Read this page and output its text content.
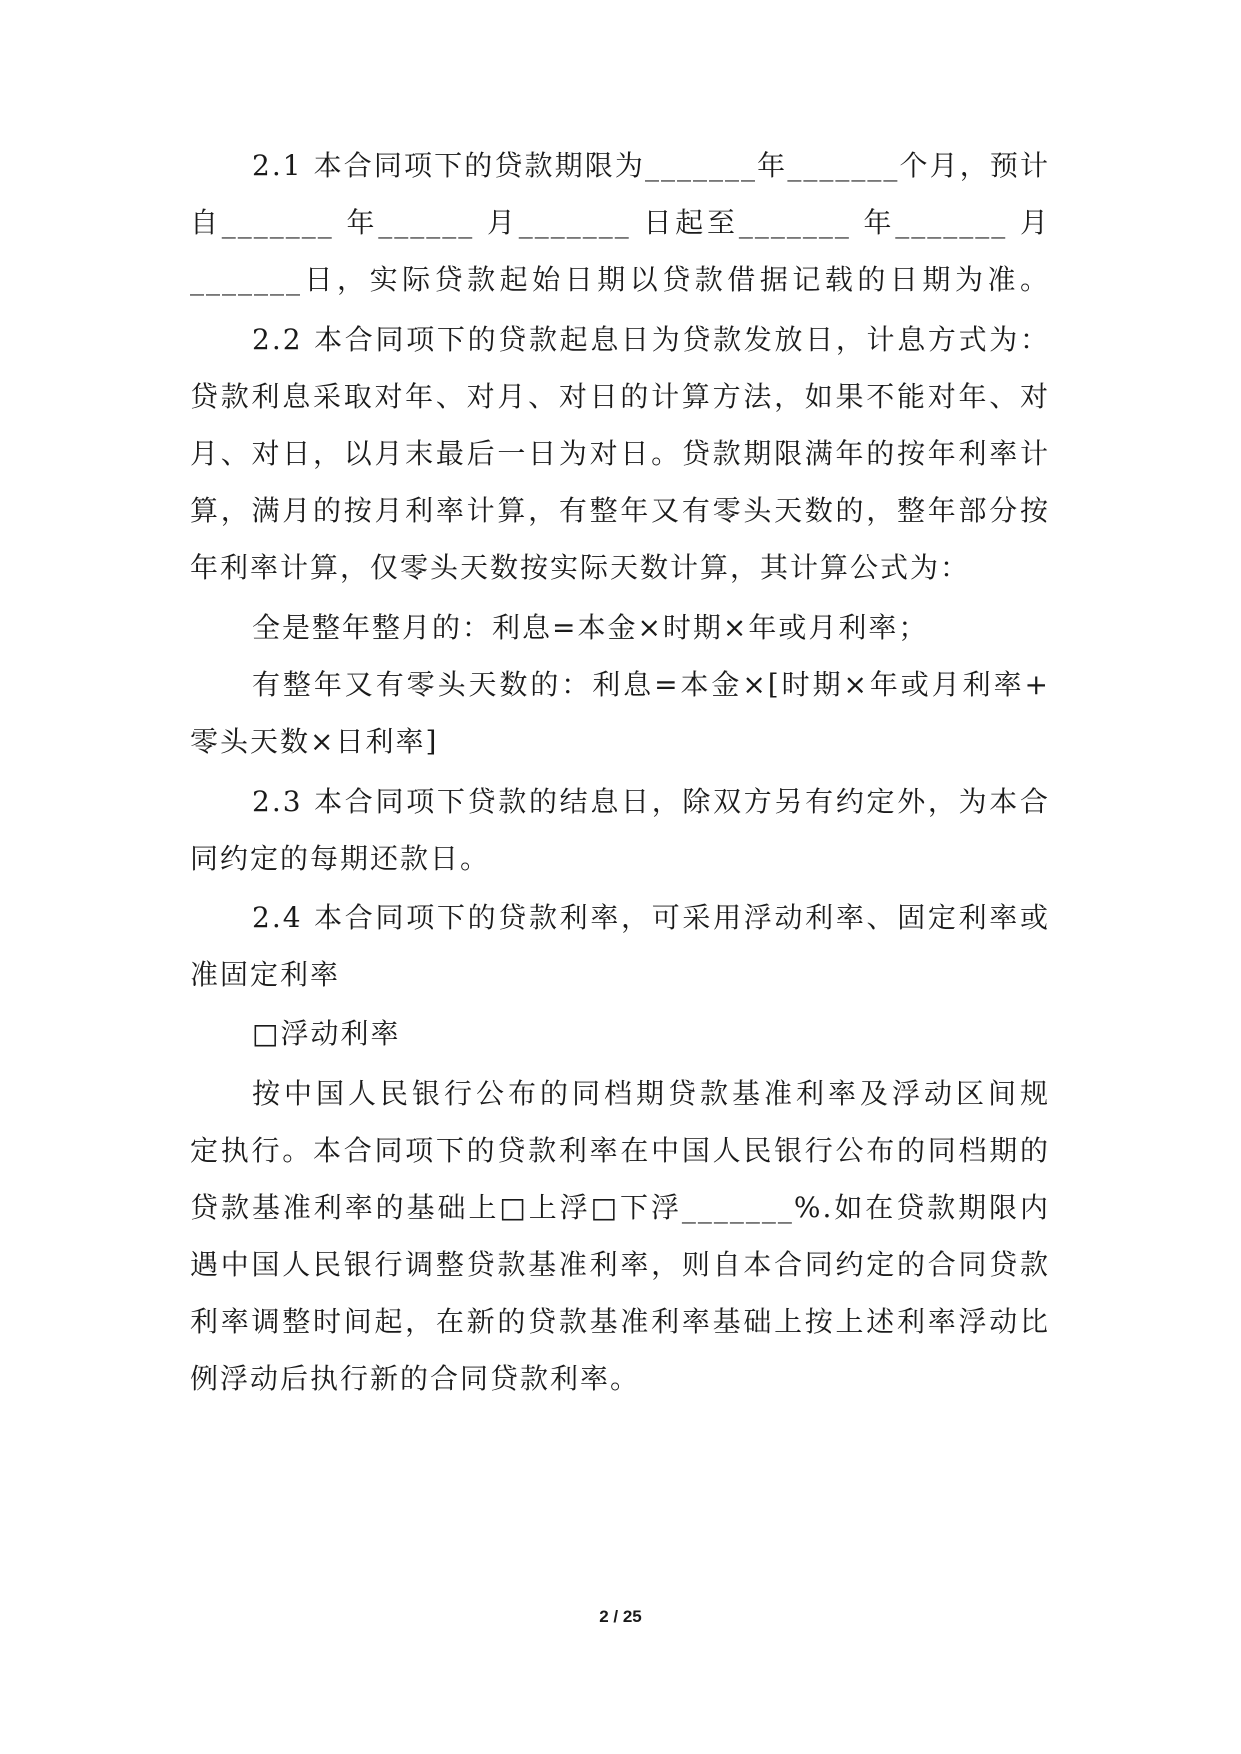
2.1 本合同项下的贷款期限为_______年_______个月，预计
自_______ 年______ 月_______ 日起至_______ 年_______ 月
_______日，实际贷款起始日期以贷款借据记载的日期为准。
2.2 本合同项下的贷款起息日为贷款发放日，计息方式为：
贷款利息采取对年、对月、对日的计算方法，如果不能对年、对
月、对日，以月末最后一日为对日。贷款期限满年的按年利率计
算，满月的按月利率计算，有整年又有零头天数的，整年部分按
年利率计算，仅零头天数按实际天数计算，其计算公式为：
全是整年整月的：利息=本金×时期×年或月利率；
有整年又有零头天数的：利息=本金×[时期×年或月利率+
零头天数×日利率]
2.3 本合同项下贷款的结息日，除双方另有约定外，为本合
同约定的每期还款日。
2.4 本合同项下的贷款利率，可采用浮动利率、固定利率或
准固定利率
□浮动利率
按中国人民银行公布的同档期贷款基准利率及浮动区间规
定执行。本合同项下的贷款利率在中国人民银行公布的同档期的
贷款基准利率的基础上□上浮□下浮_______%.如在贷款期限内
遇中国人民银行调整贷款基准利率，则自本合同约定的合同贷款
利率调整时间起，在新的贷款基准利率基础上按上述利率浮动比
例浮动后执行新的合同贷款利率。
2 / 25
